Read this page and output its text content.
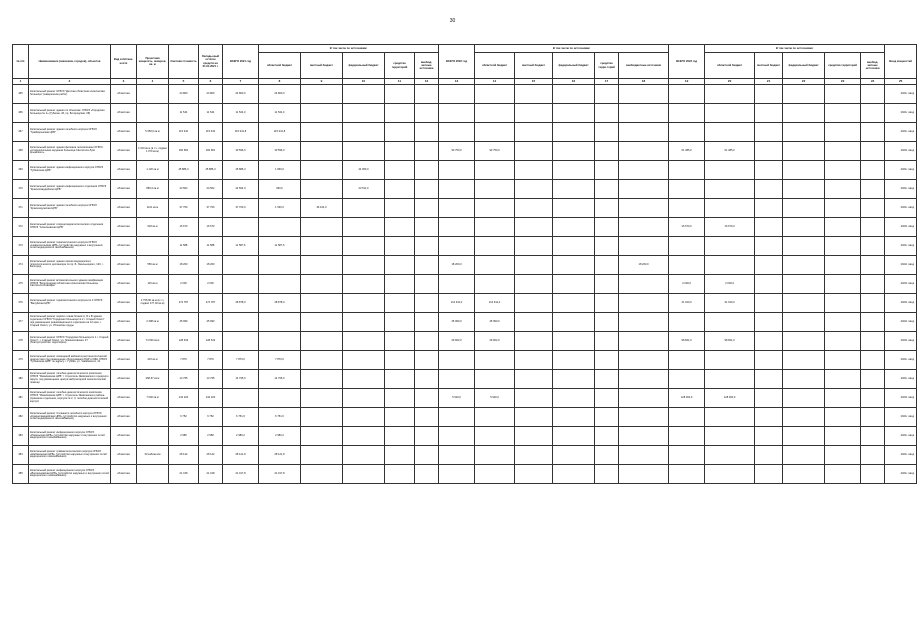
30
№ п/п	Наименование (заказчика, городов), объектов	Вид собствен-ности	Проектная мощность, номеров, кв. м	Сметная стоимость	Оклады-вый остаток средств на 01.01.2021 г.	ВСЕГО 2021 год	В том числе по источникам:					ВСЕГО 2022 год	В том числе по источникам:					ВСЕГО 2023 год	В том числе по источникам:					Ввод мощностей
							областной бюджет	местный бюджет	федеральный бюджет	средства территорий	внебюд-жетные источники		областной бюджет	местный бюджет	федеральный бюджет	средства терри-торий	внебюджетные источники		областной бюджет	местный бюджет	федеральный бюджет	средства территорий	внебюд-жетные источники	
1	2	3	4	5	6	7	8	9	10	11	12	13	14	15	16	17	18	19	20	21	22	23	24	25
465	Капитальный ремонт ОГБУЗ "Детская областная клиническая больница" (завершение работ)	областная		24 800	24 800	24 800,0	24 800,0																	2021г. ввод
466	Капитальный ремонт здания по объектам: ОГБУЗ «Городская больница № 2» (Губкина, 46, пр. Богородская, 68)	областная		11 544	11 544	11 544,0	11 544,0																	2021г. ввод
467	Капитальный ремонт здания лечебного корпуса ОГБУЗ "Грайворонская ЦРБ"	областная	5 050,0 кв.м	115 342	115 342	115 341,8	115 341,8																	2021г. ввод
468	Капитальный ремонт здания филиала полисклиники ОГБУЗ «Староосколькая окружная больница Святителя Луки Крымского»	областная	3 310 кв.м (в т.ч. подвал 1 070 кв.м)	182 681	182 681	30 596,0	30 596,0					90 750,0	90 750,0					61 385,0	61 385,0					2023г. ввод
469	Капитальный ремонт здания инфекционного корпуса ОГБУЗ "Губкинская ЦРБ"	областная	1 120 кв.м	45 886,3	45 886,3	45 886,3	1 836,0		44 050,0															2021г. ввод
470	Капитальный ремонт здания инфекционного отделения ОГБУЗ "Красногвардейская ЦРБ"	областная	883,3 кв.м	24 504	24 504	24 504,0	993,0		23 511,0															2021г. ввод
471	Капитальный ремонт здания лечебного корпуса ОГБУЗ "Краснояружская ЦРБ"	областная	1121 кв.м	37 700	37 700	37 700,0	1 536,0	36 164,0																2021г. ввод
472	Капитальный ремонт оториноларингологического отделения ОГБУЗ "Алексеевская ЦРБ"	областная	618 кв.м	16 670	16 670													16 670,0	16 670,0					2023г. ввод
473	Капитальный ремонт терапевтического корпуса ОГБУЗ «Новооскольская ЦРБ» (устройство наружных и внутренних сетей медицинского газоснабжения)	областная		11 588	11 588	11 587,6	11 587,6																	2021г. ввод
474	Капитальный ремонт здания прачки медицинского психологического диспансера по пр. Б. Хмельницкого, 133, г. Белгород	областная	550 кв.м	18 200	18 200							18 200,0					18 200,0							2022г. ввод
475	Капитальный ремонт вспомогательного здания газификации ОГБУЗ "Белгородская областная клиническая больница Святителя Иоасафа"	областная	115 кв.м	2 000	2 000													2 000,0	2 000,0					2023г. ввод
476	Капитальный ремонт терапевтического корпуса № 2 ОГБУЗ "Валуйская ЦРБ"	областная	2 795,96 кв.м (в т.ч. подвал 377,32 кв.м)	274 787	274 787	28 878,0	28 878,0					214 911,0	214 911,0					31 910,0	31 910,0					2023г. ввод
477	Капитальный ремонт первого этажа блоков А, Б и В здания отделения ОГБУЗ "Городская больница № 2 г. Старый Оскол" под размещение реанимационного отделения на 12 коек, г. Старый Оскол, ул. Ублинские пруды	областная	2 398 кв.м	45 990	45 990							45 990,0	45 990,0											2022г. ввод
478	Капитальный ремонт ОГБУЗ "Городская больница № 1 г. Старый Оскол", г. Старый Оскол, ул. Ломоносовская, 47 (благоустройство территории)	областная	74 600 кв.м	128 643	128 643							29 822,0	29 822,0					98 821,0	98 821,0					2023г. ввод
479	Капитальный ремонт помещений кабинета рентгенологической диагностики под размещение оборудования ПЦР и ИФА ОГБУЗ "Губкинская ЦРБ" по адресу: г. Губкин, ул. Чайковского, 21	областная	215 кв.м	7 870	7 870	7 870,0	7 870,0																	2021г. ввод
480	Капитальный ремонт лечебно-диагностического комплекса ОГБУЗ "Яковлевская ЦРБ" г. Строитель Яковлевского городского округа, под размещение центра амбулаторной онкологической помощи	областная	268,67 кв.м	14 765	14 765	14 765,0	14 765,0																	2021г. ввод
481	Капитальный ремонт лечебно-диагностического комплекса ОГБУЗ "Яковлевская ЦРБ" г. Строитель Яковлевского района (приемное отделение, корпуса № 2, 3, лечебно-диагностический корпус)	областная	7 046 кв.м	134 220	134 220							5 920,0	5 920,0					128 300,0	128 300,0					2023г. ввод
482	Капитальный ремонт 3-этажного лечебного корпуса ОГБУЗ «Красногвардейская ЦРБ» (устройство наружных и внутренних сетей медицинского газоснабжения)	областная		6 752	6 752	6 751,6	6 751,6																	2021г. ввод
483	Капитальный ремонт инфекционного корпуса ОГБУЗ «Ровеньская ЦРБ» (устройство наружных и внутренних сетей медицинского газоснабжения)	областная		2 980	2 980	2 980,2	2 980,2																	2021г. ввод
484	Капитальный ремонт травматологического корпуса ОГБУЗ «Шебекинская ЦРБ» (устройство наружных и внутренних сетей медицинского газоснабжения)	областная	30 кабинетов	28 122	28 122	28 121,8	28 121,8																	2021г. ввод
485	Капитальный ремонт инфекционного корпуса ОГБУЗ «Волоконовская ЦРБ» (устройство наружных и внутренних сетей медицинского газоснабжения)	областная		21 018	21 018	21 017,8	21 017,8																	2021г. ввод
